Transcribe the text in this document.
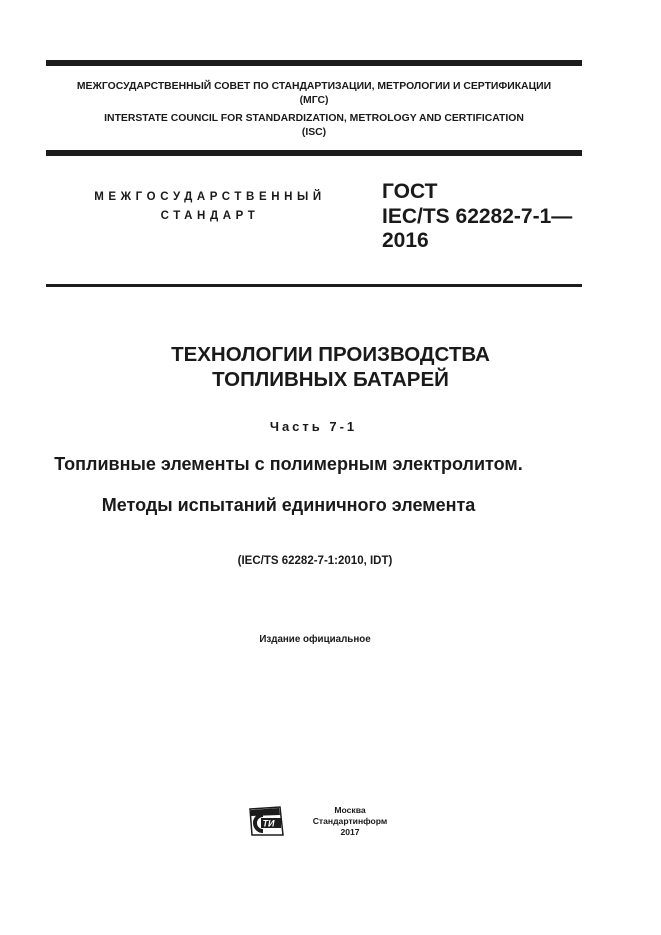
МЕЖГОСУДАРСТВЕННЫЙ СОВЕТ ПО СТАНДАРТИЗАЦИИ, МЕТРОЛОГИИ И СЕРТИФИКАЦИИ
(МГС)
INTERSTATE COUNCIL FOR STANDARDIZATION, METROLOGY AND CERTIFICATION
(ISC)
МЕЖГОСУДАРСТВЕННЫЙ
СТАНДАРТ
ГОСТ
IEC/TS 62282-7-1—
2016
ТЕХНОЛОГИИ ПРОИЗВОДСТВА
ТОПЛИВНЫХ БАТАРЕЙ
Часть 7-1
Топливные элементы с полимерным электролитом.
Методы испытаний единичного элемента
(IEC/TS 62282-7-1:2010, IDT)
Издание официальное
TИ
Москва
Стандартинформ
2017
